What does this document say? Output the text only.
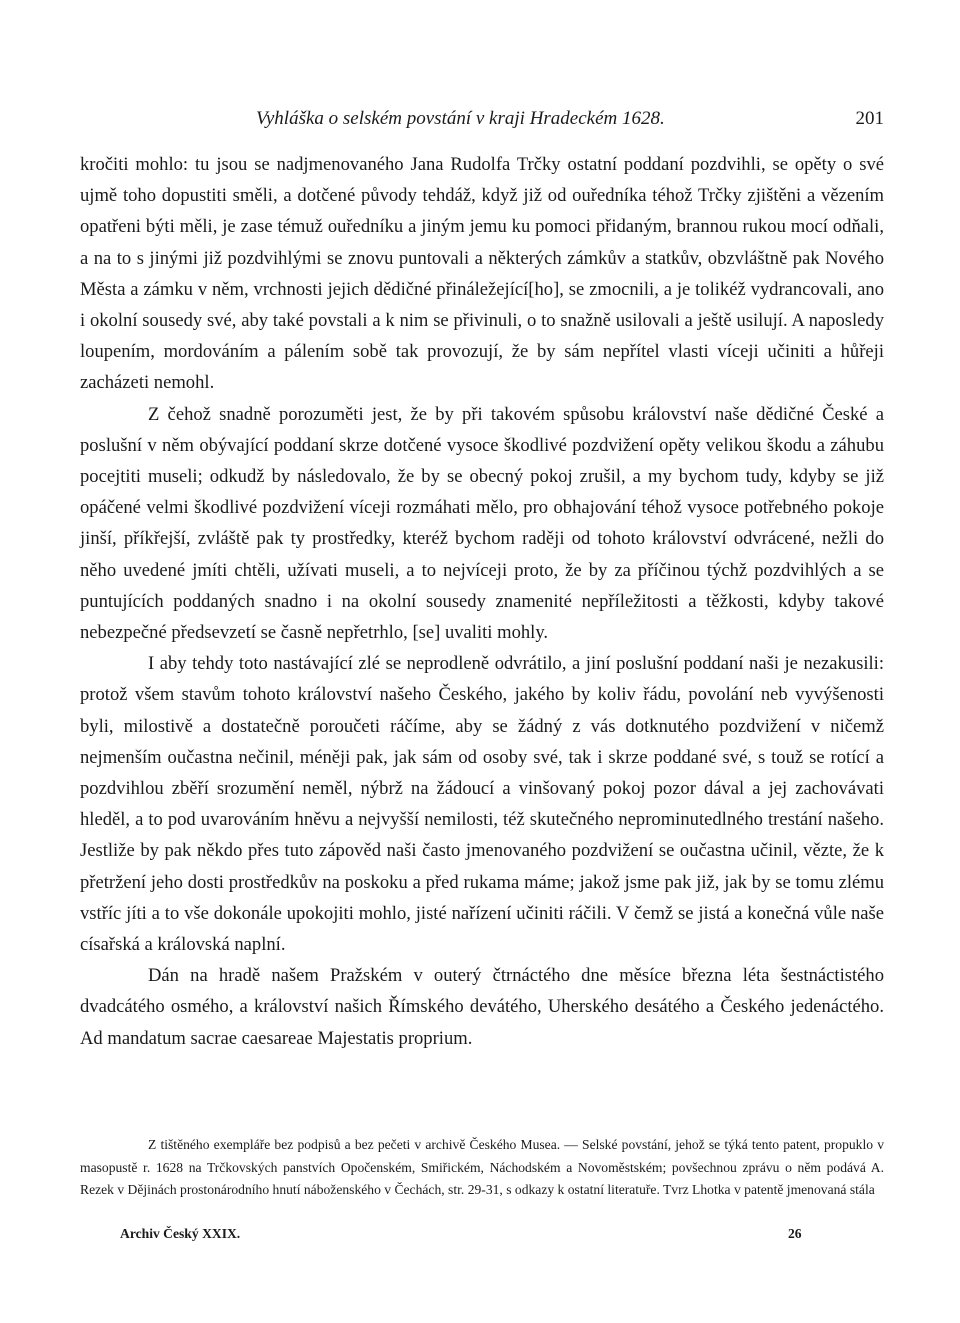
Vyhláška o selském povstání v kraji Hradeckém 1628.	201

kročiti mohlo: tu jsou se nadjmenovaného Jana Rudolfa Trčky ostatní poddaní pozdvihli, se opěty o své ujmě toho dopustiti směli, a dotčené původy tehdáž, když již od ouředníka téhož Trčky zjištěni a vězením opatřeni býti měli, je zase témuž ouředníku a jiným jemu ku pomoci přidaným, brannou rukou mocí odňali, a na to s jinými již pozdvihlými se znovu puntovali a některých zámkův a statkův, obzvláštně pak Nového Města a zámku v něm, vrchnosti jejich dědičné přináležející[ho], se zmocnili, a je tolikéž vydrancovali, ano i okolní sousedy své, aby také povstali a k nim se přivinuli, o to snažně usilovali a ještě usilují. A naposledy loupením, mordováním a pálením sobě tak provozují, že by sám nepřítel vlasti víceji učiniti a hůřeji zacházeti nemohl.

Z čehož snadně porozuměti jest, že by při takovém spůsobu království naše dědičné České a poslušní v něm obývající poddaní skrze dotčené vysoce škodlivé pozdvižení opěty velikou škodu a záhubu pocejtiti museli; odkudž by následovalo, že by se obecný pokoj zrušil, a my bychom tudy, kdyby se již opáčené velmi škodlivé pozdvižení víceji rozmáhati mělo, pro obhajování téhož vysoce potřebného pokoje jinší, příkřejší, zvláště pak ty prostředky, kteréž bychom raději od tohoto království odvrácené, nežli do něho uvedené jmíti chtěli, užívati museli, a to nejvíceji proto, že by za příčinou týchž pozdvihlých a se puntujících poddaných snadno i na okolní sousedy znamenité nepříležitosti a těžkosti, kdyby takové nebezpečné předsevzetí se časně nepřetrhlo, [se] uvaliti mohly.

I aby tehdy toto nastávající zlé se neprodleně odvrátilo, a jiní poslušní poddaní naši je nezakusili: protož všem stavům tohoto království našeho Českého, jakého by koliv řádu, povolání neb vyvýšenosti byli, milostivě a dostatečně poroučeti ráčíme, aby se žádný z vás dotknutého pozdvižení v ničemž nejmenším oučastna nečinil, méněji pak, jak sám od osoby své, tak i skrze poddané své, s touž se rotící a pozdvihlou zběří srozumění neměl, nýbrž na žádoucí a vinšovaný pokoj pozor dával a jej zachovávati hleděl, a to pod uvarováním hněvu a nejvyšší nemilosti, též skutečného neprominutedlného trestání našeho. Jestliže by pak někdo přes tuto zápověd naši často jmenovaného pozdvižení se oučastna učinil, vězte, že k přetržení jeho dosti prostředkův na poskoku a před rukama máme; jakož jsme pak již, jak by se tomu zlému vstříc jíti a to vše dokonále upokojiti mohlo, jisté nařízení učiniti ráčili. V čemž se jistá a konečná vůle naše císařská a královská naplní.

Dán na hradě našem Pražském v outerý čtrnáctého dne měsíce března léta šestnáctistého dvadcátého osmého, a království našich Římského devátého, Uherského desátého a Českého jedenáctého. Ad mandatum sacrae caesareae Majestatis proprium.

Z tištěného exempláře bez podpisů a bez pečeti v archivě Českého Musea. — Selské povstání, jehož se týká tento patent, propuklo v masopustě r. 1628 na Trčkovských panstvích Opočenském, Smiřickém, Náchodském a Novoměstském; povšechnou zprávu o něm podává A. Rezek v Dějinách prostonárodního hnutí náboženského v Čechách, str. 29-31, s odkazy k ostatní literatuře. Tvrz Lhotka v patentě jmenovaná stála

Archiv Český XXIX.	26
